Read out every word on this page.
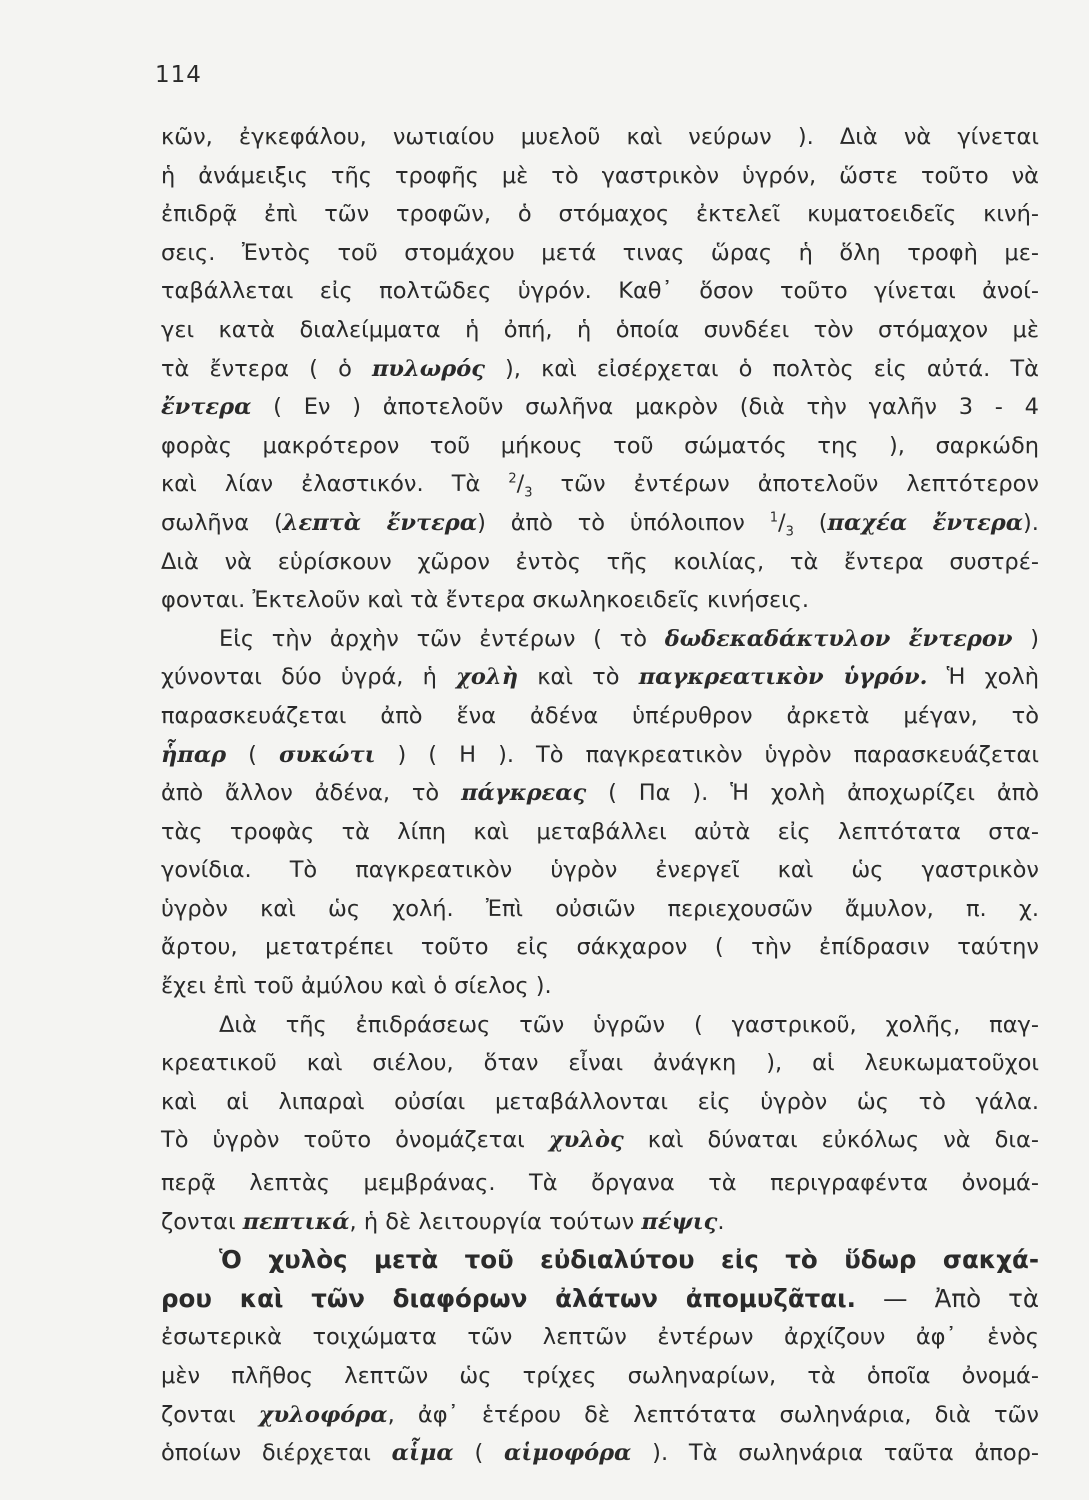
114
κῶν, ἐγκεφάλου, νωτιαίου μυελοῦ καὶ νεύρων ). Διὰ νὰ γίνεται
ἡ ἀνάμειξις τῆς τροφῆς μὲ τὸ γαστρικὸν ὑγρόν, ὥστε τοῦτο νὰ
ἐπιδρᾷ ἐπὶ τῶν τροφῶν, ὁ στόμαχος ἐκτελεῖ κυματοειδεῖς κινή-
σεις. Ἐντὸς τοῦ στομάχου μετά τινας ὥρας ἡ ὅλη τροφὴ με-
ταβάλλεται εἰς πολτῶδες ὑγρόν. Καθ᾽ ὅσον τοῦτο γίνεται ἀνοί-
γει κατὰ διαλείμματα ἡ ὀπή, ἡ ὁποία συνδέει τὸν στόμαχον μὲ
τὰ ἔντερα ( ὁ πυλωρός ), καὶ εἰσέρχεται ὁ πολτὸς εἰς αὐτά. Τὰ
ἔντερα ( Εν ) ἀποτελοῦν σωλῆνα μακρὸν (διὰ τὴν γαλῆν 3 - 4
φορὰς μακρότερον τοῦ μήκους τοῦ σώματός της ), σαρκώδη
καὶ λίαν ἐλαστικόν. Τὰ $^2/_3$ τῶν ἐντέρων ἀποτελοῦν λεπτότερον
σωλῆνα (λεπτὰ ἔντερα) ἀπὸ τὸ ὑπόλοιπον $^1/_3$ (παχέα ἔντερα).
Διὰ νὰ εὑρίσκουν χῶρον ἐντὸς τῆς κοιλίας, τὰ ἔντερα συστρέ-
φονται. Ἐκτελοῦν καὶ τὰ ἔντερα σκωληκοειδεῖς κινήσεις.
Εἰς τὴν ἀρχὴν τῶν ἐντέρων ( τὸ δωδεκαδάκτυλον ἔντερον )
χύνονται δύο ὑγρά, ἡ χολὴ καὶ τὸ παγκρεατικὸν ὑγρόν. Ἡ χολὴ
παρασκευάζεται ἀπὸ ἕνα ἀδένα ὑπέρυθρον ἀρκετὰ μέγαν, τὸ
ἧπαρ ( συκώτι ) ( Η ). Τὸ παγκρεατικὸν ὑγρὸν παρασκευάζεται
ἀπὸ ἄλλον ἀδένα, τὸ πάγκρεας ( Πα ). Ἡ χολὴ ἀποχωρίζει ἀπὸ
τὰς τροφὰς τὰ λίπη καὶ μεταβάλλει αὐτὰ εἰς λεπτότατα στα-
γονίδια. Τὸ παγκρεατικὸν ὑγρὸν ἐνεργεῖ καὶ ὡς γαστρικὸν
ὑγρὸν καὶ ὡς χολή. Ἐπὶ οὐσιῶν περιεχουσῶν ἄμυλον, π. χ.
ἄρτου, μετατρέπει τοῦτο εἰς σάκχαρον ( τὴν ἐπίδρασιν ταύτην
ἔχει ἐπὶ τοῦ ἀμύλου καὶ ὁ σίελος ).
Διὰ τῆς ἐπιδράσεως τῶν ὑγρῶν ( γαστρικοῦ, χολῆς, παγ-
κρεατικοῦ καὶ σιέλου, ὅταν εἶναι ἀνάγκη ), αἱ λευκωματοῦχοι
καὶ αἱ λιπαραὶ οὐσίαι μεταβάλλονται εἰς ὑγρὸν ὡς τὸ γάλα.
Τὸ ὑγρὸν τοῦτο ὀνομάζεται χυλὸς καὶ δύναται εὐκόλως νὰ δια-
περᾷ λεπτὰς μεμβράνας. Τὰ ὄργανα τὰ περιγραφέντα ὀνομά-
ζονται πεπτικά, ἡ δὲ λειτουργία τούτων πέψις.
Ὁ χυλὸς μετὰ τοῦ εὐδιαλύτου εἰς τὸ ὕδωρ σακχά-
ρου καὶ τῶν διαφόρων ἀλάτων ἀπομυζᾶται. — Ἀπὸ τὰ
ἐσωτερικὰ τοιχώματα τῶν λεπτῶν ἐντέρων ἀρχίζουν ἀφ᾽ ἑνὸς
μὲν πλῆθος λεπτῶν ὡς τρίχες σωληναρίων, τὰ ὁποῖα ὀνομά-
ζονται χυλοφόρα, ἀφ᾽ ἑτέρου δὲ λεπτότατα σωληνάρια, διὰ τῶν
ὁποίων διέρχεται αἷμα ( αἱμοφόρα ). Τὰ σωληνάρια ταῦτα ἀπορ-
